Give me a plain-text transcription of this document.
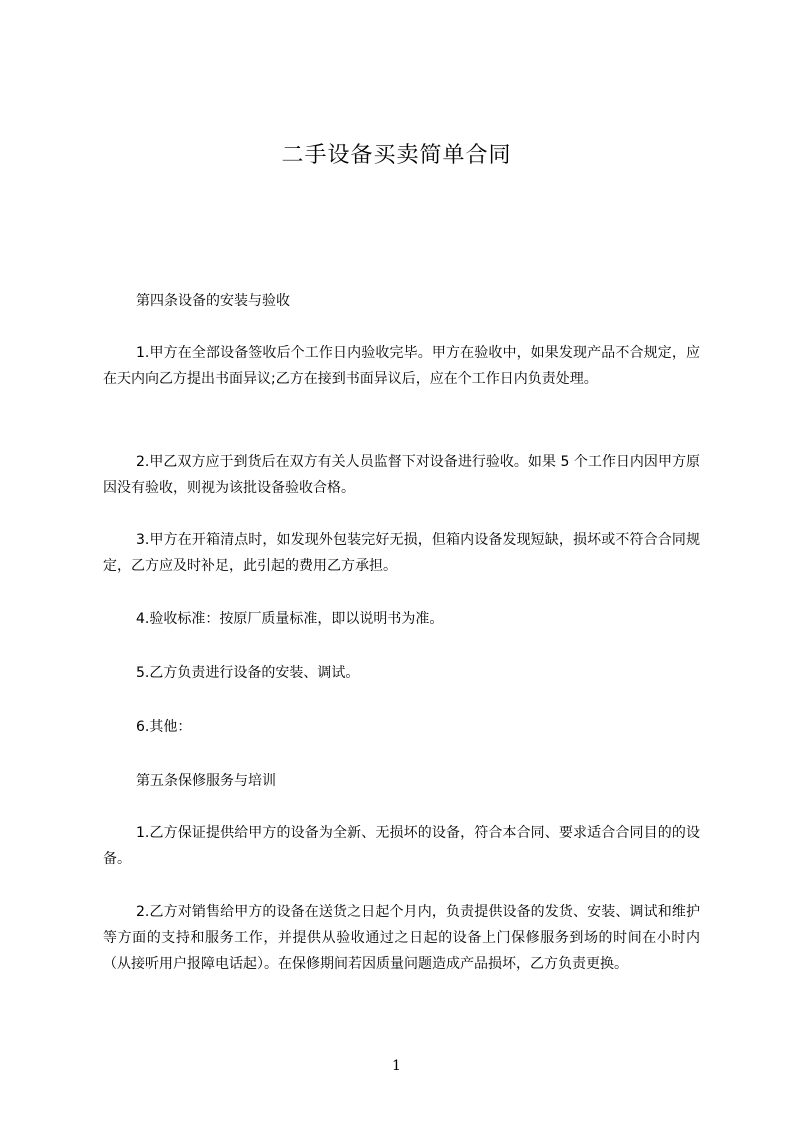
二手设备买卖简单合同

第四条设备的安装与验收

1.甲方在全部设备签收后个工作日内验收完毕。甲方在验收中，如果发现产品不合规定，应在天内向乙方提出书面异议;乙方在接到书面异议后，应在个工作日内负责处理。

2.甲乙双方应于到货后在双方有关人员监督下对设备进行验收。如果 5 个工作日内因甲方原因没有验收，则视为该批设备验收合格。

3.甲方在开箱清点时，如发现外包装完好无损，但箱内设备发现短缺，损坏或不符合合同规定，乙方应及时补足，此引起的费用乙方承担。

4.验收标准：按原厂质量标准，即以说明书为准。

5.乙方负责进行设备的安装、调试。

6.其他：

第五条保修服务与培训

1.乙方保证提供给甲方的设备为全新、无损坏的设备，符合本合同、要求适合合同目的的设备。

2.乙方对销售给甲方的设备在送货之日起个月内，负责提供设备的发货、安装、调试和维护等方面的支持和服务工作，并提供从验收通过之日起的设备上门保修服务到场的时间在小时内（从接听用户报障电话起）。在保修期间若因质量问题造成产品损坏，乙方负责更换。

1
